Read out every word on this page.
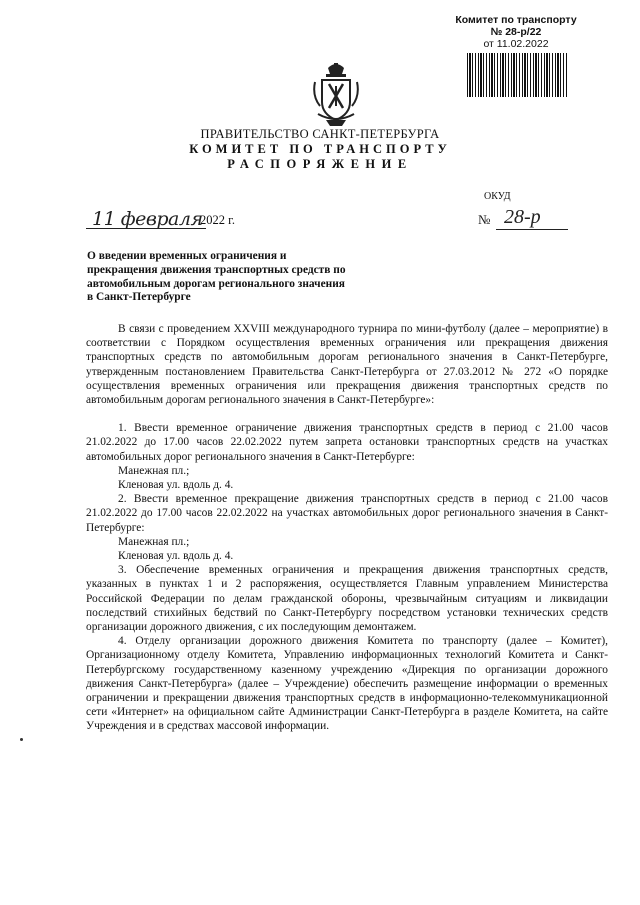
Комитет по транспорту
№ 28-р/22
от 11.02.2022
ПРАВИТЕЛЬСТВО САНКТ-ПЕТЕРБУРГА
КОМИТЕТ ПО ТРАНСПОРТУ
РАСПОРЯЖЕНИЕ
ОКУД
11 февраля
2022 г.	№ 28-р
О введении временных ограничения и прекращения движения транспортных средств по автомобильным дорогам регионального значения в Санкт-Петербурге

В связи с проведением XXVIII международного турнира по мини-футболу (далее – мероприятие) в соответствии с Порядком осуществления временных ограничения или прекращения движения транспортных средств по автомобильным дорогам регионального значения в Санкт-Петербурге, утвержденным постановлением Правительства Санкт-Петербурга от 27.03.2012 № 272 «О порядке осуществления временных ограничения или прекращения движения транспортных средств по автомобильным дорогам регионального значения в Санкт-Петербурге»:

1. Ввести временное ограничение движения транспортных средств в период с 21.00 часов 21.02.2022 до 17.00 часов 22.02.2022 путем запрета остановки транспортных средств на участках автомобильных дорог регионального значения в Санкт-Петербурге:

Манежная пл.;

Кленовая ул. вдоль д. 4.

2. Ввести временное прекращение движения транспортных средств в период с 21.00 часов 21.02.2022 до 17.00 часов 22.02.2022 на участках автомобильных дорог регионального значения в Санкт-Петербурге:

Манежная пл.;

Кленовая ул. вдоль д. 4.

3. Обеспечение временных ограничения и прекращения движения транспортных средств, указанных в пунктах 1 и 2 распоряжения, осуществляется Главным управлением Министерства Российской Федерации по делам гражданской обороны, чрезвычайным ситуациям и ликвидации последствий стихийных бедствий по Санкт-Петербургу посредством установки технических средств организации дорожного движения, с их последующим демонтажем.

4. Отделу организации дорожного движения Комитета по транспорту (далее – Комитет), Организационному отделу Комитета, Управлению информационных технологий Комитета и Санкт-Петербургскому государственному казенному учреждению «Дирекция по организации дорожного движения Санкт-Петербурга» (далее – Учреждение) обеспечить размещение информации о временных ограничении и прекращении движения транспортных средств в информационно-телекоммуникационной сети «Интернет» на официальном сайте Администрации Санкт-Петербурга в разделе Комитета, на сайте Учреждения и в средствах массовой информации.
